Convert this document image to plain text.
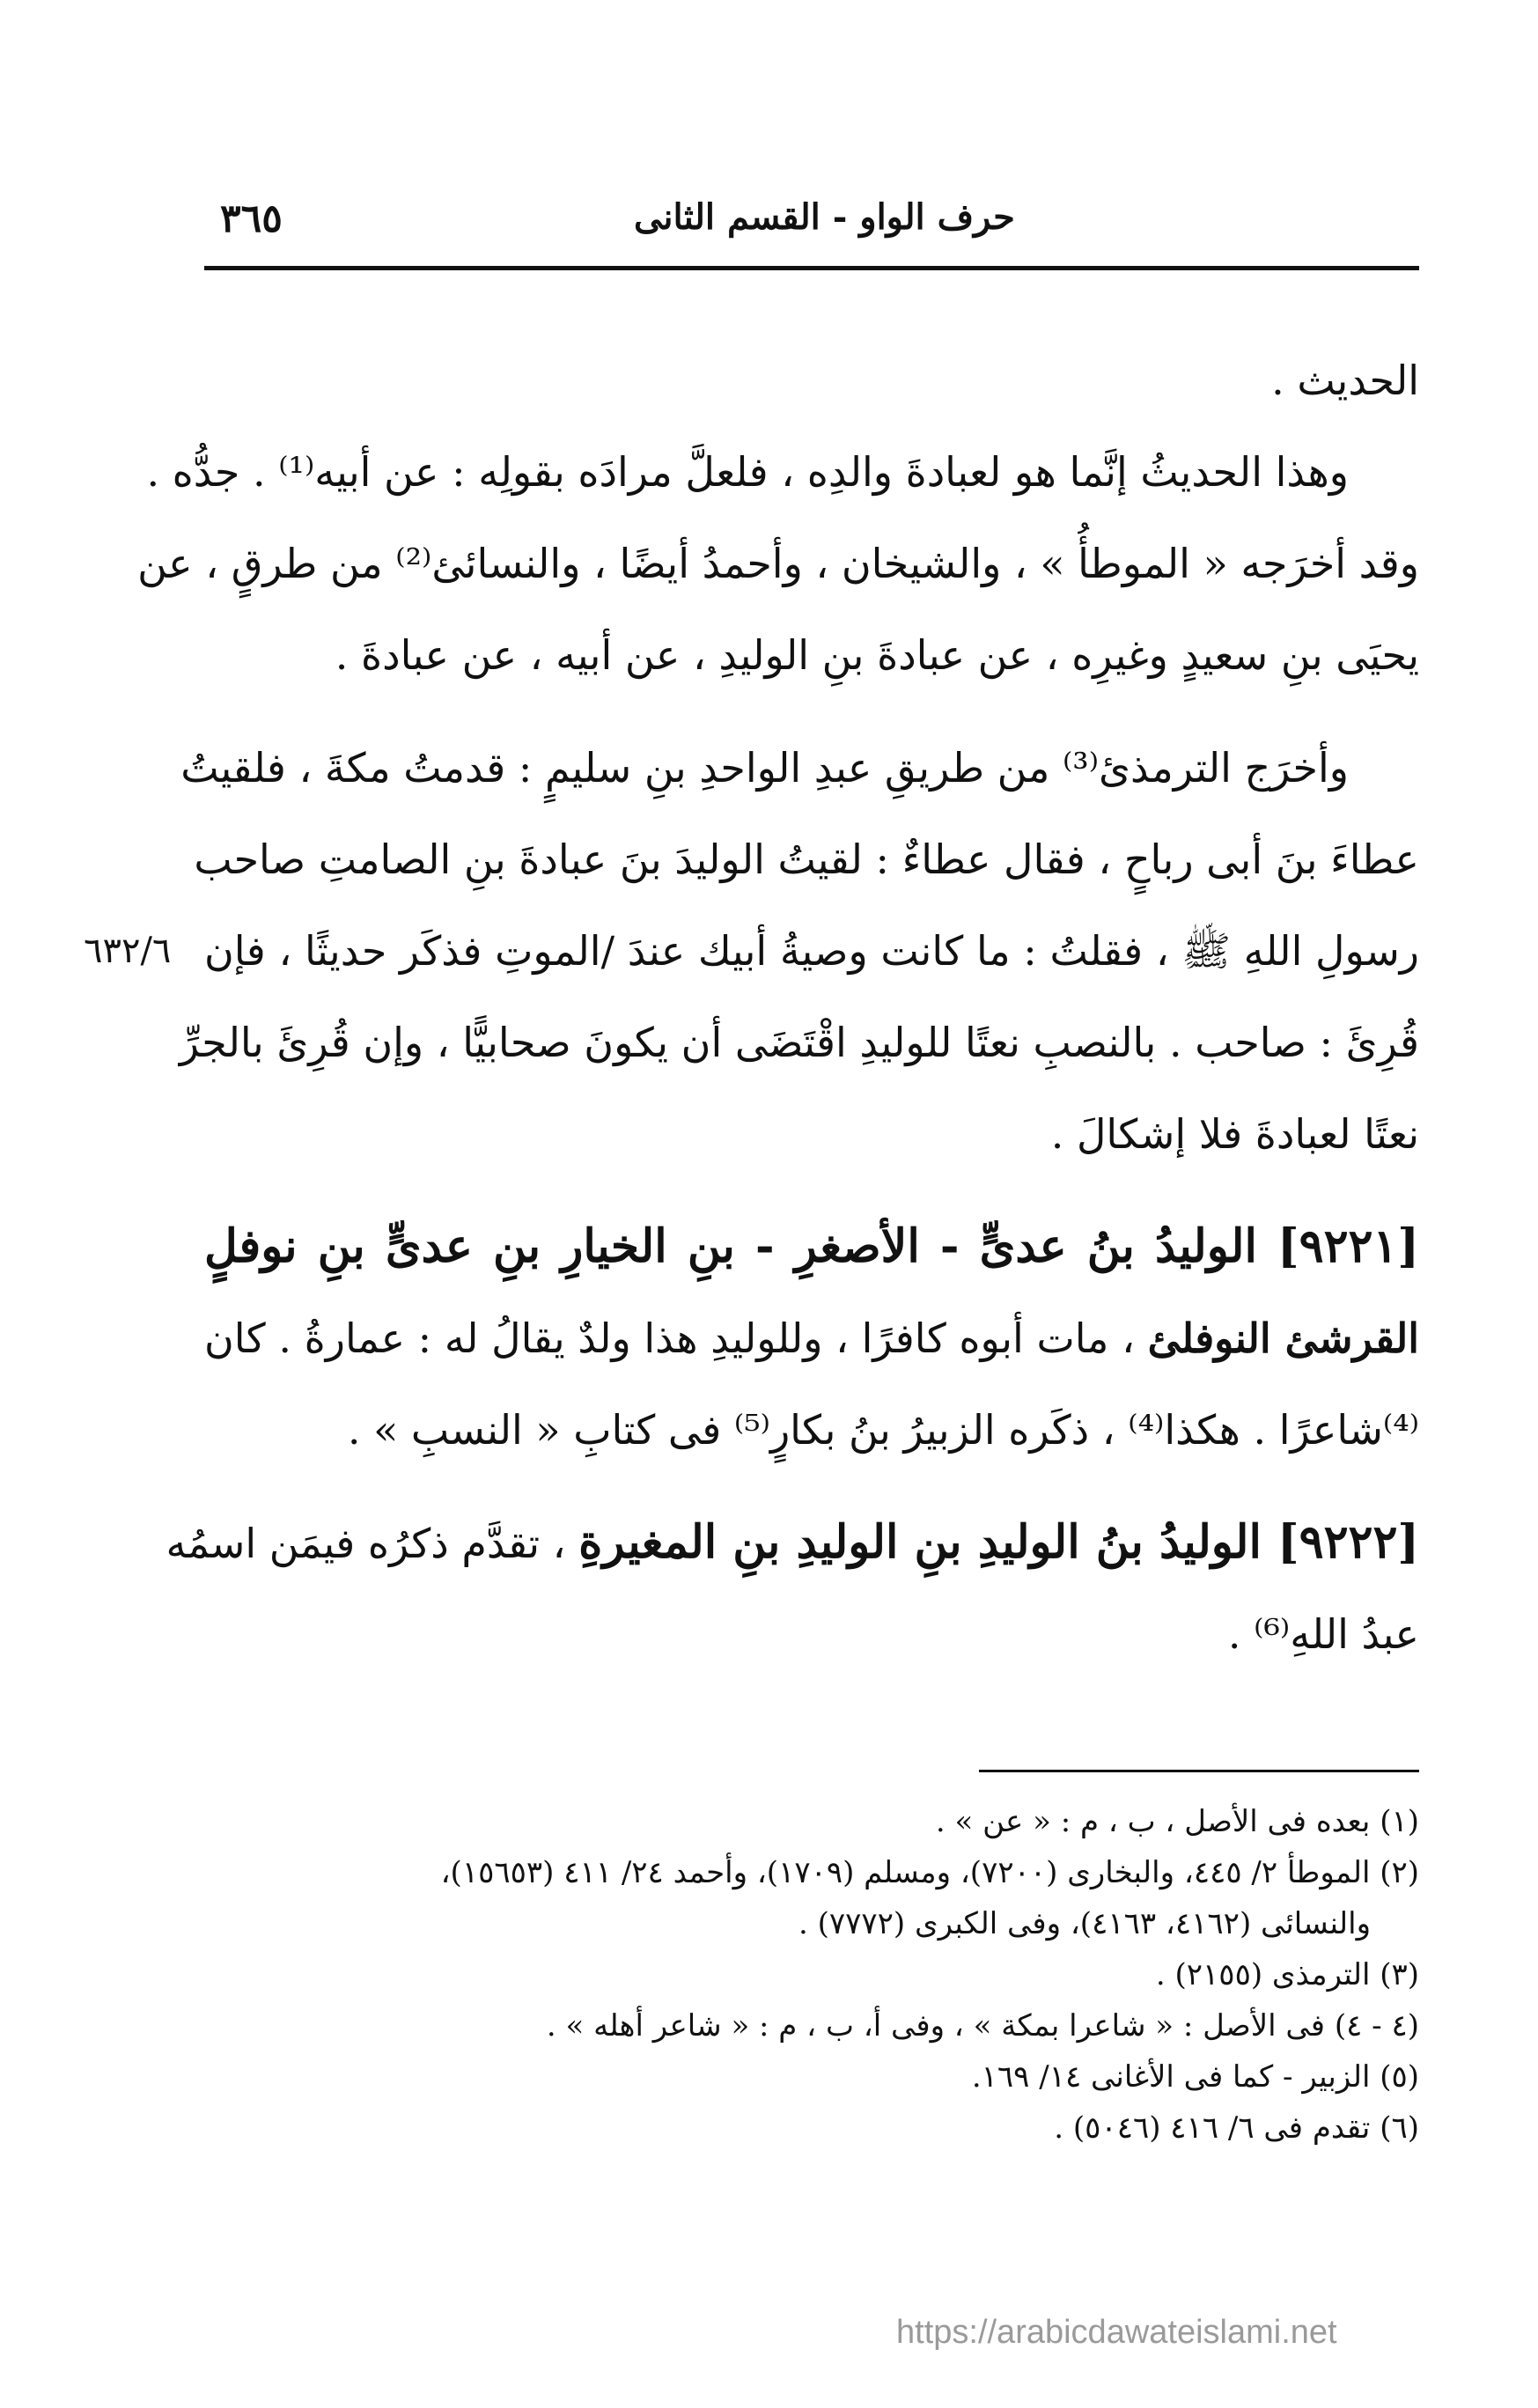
٣٦٥	حرف الواو - القسم الثانى
٦٣٢/٦
الحديث .
وهذا الحديثُ إنَّما هو لعبادةَ والدِه ، فلعلَّ مرادَه بقولِه : عن أبيه⁽¹⁾ . جدُّه .
وقد أخرَجه « الموطأُ » ، والشيخان ، وأحمدُ أيضًا ، والنسائئ⁽²⁾ من طرقٍ ، عن
يحيَى بنِ سعيدٍ وغيرِه ، عن عبادةَ بنِ الوليدِ ، عن أبيه ، عن عبادةَ .
وأخرَج الترمذئ⁽³⁾ من طريقِ عبدِ الواحدِ بنِ سليمٍ : قدمتُ مكةَ ، فلقيتُ
عطاءَ بنَ أبى رباحٍ ، فقال عطاءٌ : لقيتُ الوليدَ بنَ عبادةَ بنِ الصامتِ صاحب
رسولِ اللهِ ﷺ ، فقلتُ : ما كانت وصيةُ أبيك عندَ /الموتِ فذكَر حديثًا ، فإن
قُرِئَ : صاحب . بالنصبِ نعتًا للوليدِ اقْتَضَى أن يكونَ صحابيًّا ، وإن قُرِئَ بالجرِّ
نعتًا لعبادةَ فلا إشكالَ .
[٩٢٢١] الوليدُ بنُ عدىٍّ - الأصغرِ - بنِ الخيارِ بنِ عدىٍّ بنِ نوفلٍ
القرشئ النوفلئ ، مات أبوه كافرًا ، وللوليدِ هذا ولدٌ يقالُ له : عمارةُ . كان
⁽⁴⁾شاعرًا . هكذا⁽⁴⁾ ، ذكَره الزبيرُ بنُ بكارٍ⁽⁵⁾ فى كتابِ « النسبِ » .
[٩٢٢٢] الوليدُ بنُ الوليدِ بنِ الوليدِ بنِ المغيرةِ ، تقدَّم ذكرُه فيمَن اسمُه
عبدُ اللهِ⁽⁶⁾ .
(١) بعده فى الأصل ، ب ، م : « عن » .
(٢) الموطأ ٢/ ٤٤٥، والبخارى (٧٢٠٠)، ومسلم (١٧٠٩)، وأحمد ٢٤/ ٤١١ (١٥٦٥٣)،
والنسائى (٤١٦٢، ٤١٦٣)، وفى الكبرى (٧٧٧٢) .
(٣) الترمذى (٢١٥٥) .
(٤ - ٤) فى الأصل : « شاعرا بمكة » ، وفى أ، ب ، م : « شاعر أهله » .
(٥) الزبير - كما فى الأغانى ١٤/ ١٦٩.
(٦) تقدم فى ٦/ ٤١٦ (٥٠٤٦) .
https://arabicdawateislami.net
